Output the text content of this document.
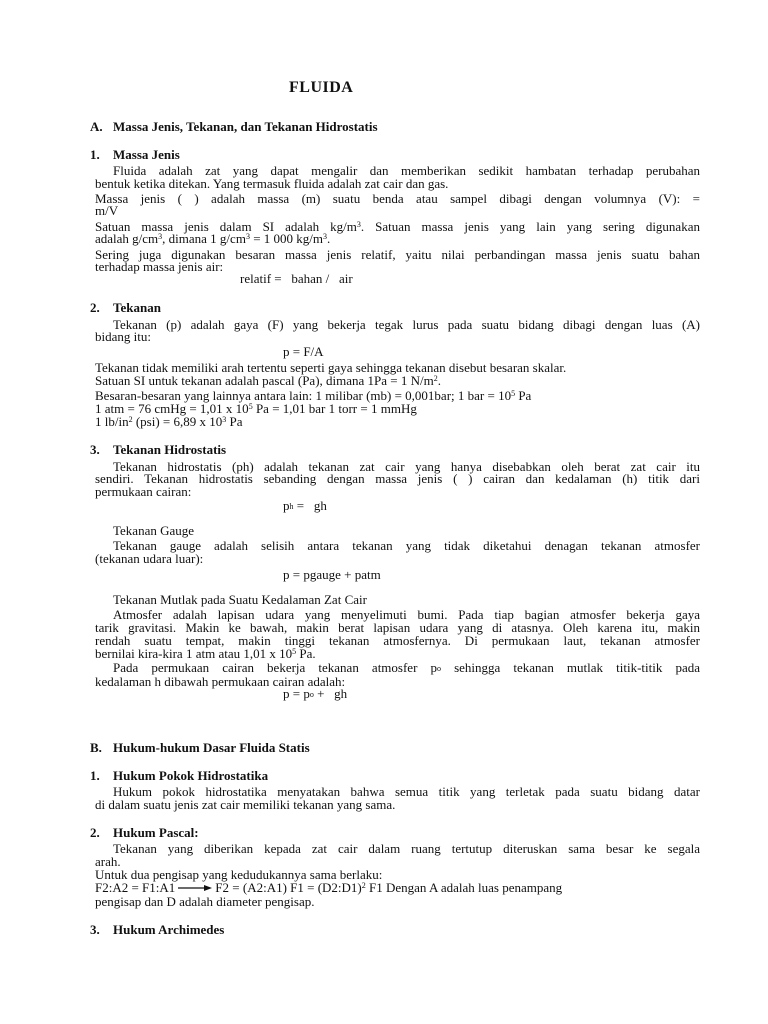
FLUIDA
A. Massa Jenis, Tekanan, dan Tekanan Hidrostatis
1. Massa Jenis
Fluida adalah zat yang dapat mengalir dan memberikan sedikit hambatan terhadap perubahan
bentuk ketika ditekan. Yang termasuk fluida adalah zat cair dan gas.
Massa jenis ( ) adalah massa (m) suatu benda atau sampel dibagi dengan volumnya (V): =
m/V
Satuan massa jenis dalam SI adalah $kg/m^3$. Satuan massa jenis yang lain yang sering digunakan
adalah $g/cm^3$, dimana 1 $g/cm^3 = 1$ 000 $kg/m^3$.
Sering juga digunakan besaran massa jenis relatif, yaitu nilai perbandingan massa jenis suatu bahan
terhadap massa jenis air:
relatif =   bahan /   air
2. Tekanan
Tekanan (p) adalah gaya (F) yang bekerja tegak lurus pada suatu bidang dibagi dengan luas (A)
bidang itu:
p = F/A
Tekanan tidak memiliki arah tertentu seperti gaya sehingga tekanan disebut besaran skalar.
Satuan SI untuk tekanan adalah pascal (Pa), dimana 1Pa = 1 $N/m^2$.
Besaran-besaran yang lainnya antara lain: 1 milibar (mb) = 0,001bar; 1 bar = $10^5$ Pa
1 atm = 76 cmHg = 1,01 x $10^5$ Pa = 1,01 bar 1 torr = 1 mmHg
1 $lb/in^2$ (psi) = 6,89 x $10^3$ Pa
3. Tekanan Hidrostatis
Tekanan hidrostatis (ph) adalah tekanan zat cair yang hanya disebabkan oleh berat zat cair itu
sendiri. Tekanan hidrostatis sebanding dengan massa jenis ( ) cairan dan kedalaman (h) titik dari
permukaan cairan:
ph =   gh
Tekanan Gauge
Tekanan gauge adalah selisih antara tekanan yang tidak diketahui denagan tekanan atmosfer
(tekanan udara luar):
p = pgauge + patm
Tekanan Mutlak pada Suatu Kedalaman Zat Cair
Atmosfer adalah lapisan udara yang menyelimuti bumi. Pada tiap bagian atmosfer bekerja gaya
tarik gravitasi. Makin ke bawah, makin berat lapisan udara yang di atasnya. Oleh karena itu, makin
rendah suatu tempat, makin tinggi tekanan atmosfernya. Di permukaan laut, tekanan atmosfer
bernilai kira-kira 1 atm atau 1,01 x $10^5$ Pa.
Pada permukaan cairan bekerja tekanan atmosfer po sehingga tekanan mutlak titik-titik pada
kedalaman h dibawah permukaan cairan adalah:
p = po +   gh
B. Hukum-hukum Dasar Fluida Statis
1. Hukum Pokok Hidrostatika
Hukum pokok hidrostatika menyatakan bahwa semua titik yang terletak pada suatu bidang datar
di dalam suatu jenis zat cair memiliki tekanan yang sama.
2. Hukum Pascal:
Tekanan yang diberikan kepada zat cair dalam ruang tertutup diteruskan sama besar ke segala
arah.
Untuk dua pengisap yang kedudukannya sama berlaku:
F2:A2 = F1:A1	F2 = (A2:A1) F1 = (D2:D1)$^2$ F1 Dengan A adalah luas penampang
pengisap dan D adalah diameter pengisap.
3. Hukum Archimedes
